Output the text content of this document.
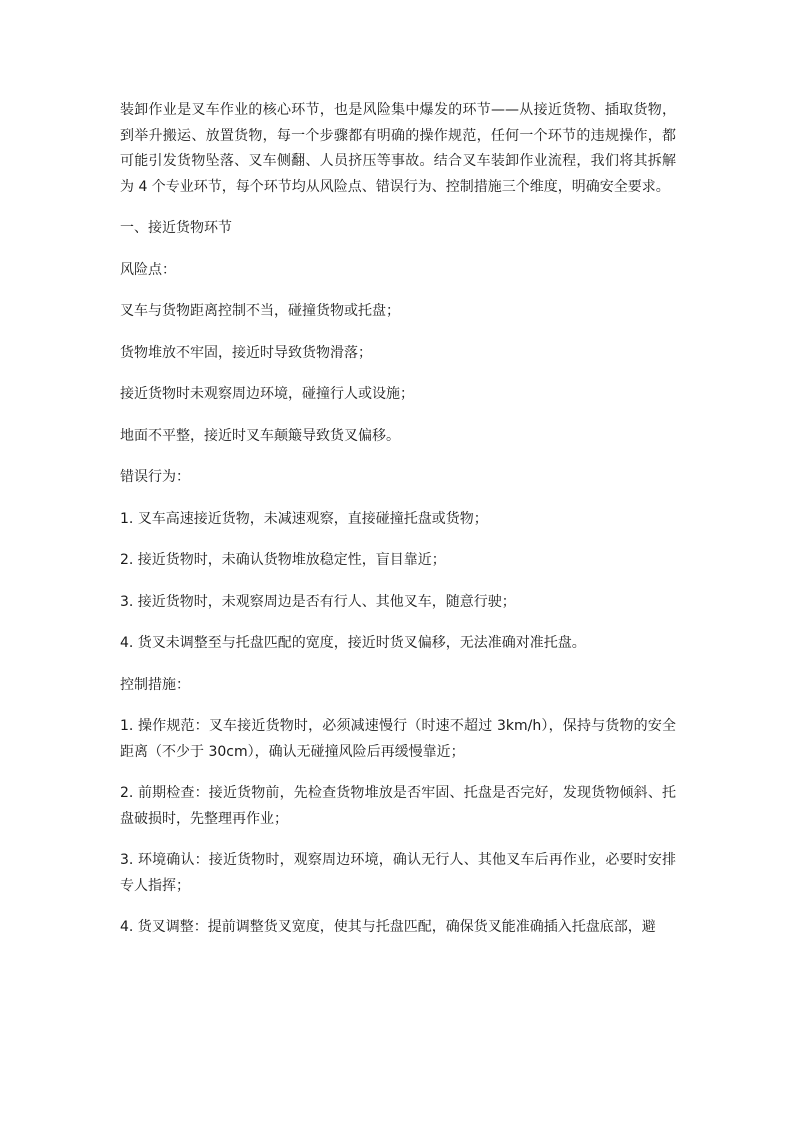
装卸作业是叉车作业的核心环节，也是风险集中爆发的环节——从接近货物、插取货物，到举升搬运、放置货物，每一个步骤都有明确的操作规范，任何一个环节的违规操作，都可能引发货物坠落、叉车侧翻、人员挤压等事故。结合叉车装卸作业流程，我们将其拆解为 4 个专业环节，每个环节均从风险点、错误行为、控制措施三个维度，明确安全要求。

一、接近货物环节

风险点：

叉车与货物距离控制不当，碰撞货物或托盘；

货物堆放不牢固，接近时导致货物滑落；

接近货物时未观察周边环境，碰撞行人或设施；

地面不平整，接近时叉车颠簸导致货叉偏移。

错误行为：

1. 叉车高速接近货物，未减速观察，直接碰撞托盘或货物；

2. 接近货物时，未确认货物堆放稳定性，盲目靠近；

3. 接近货物时，未观察周边是否有行人、其他叉车，随意行驶；

4. 货叉未调整至与托盘匹配的宽度，接近时货叉偏移，无法准确对准托盘。

控制措施：

1. 操作规范：叉车接近货物时，必须减速慢行（时速不超过 3km/h），保持与货物的安全距离（不少于 30cm），确认无碰撞风险后再缓慢靠近；

2. 前期检查：接近货物前，先检查货物堆放是否牢固、托盘是否完好，发现货物倾斜、托盘破损时，先整理再作业；

3. 环境确认：接近货物时，观察周边环境，确认无行人、其他叉车后再作业，必要时安排专人指挥；

4. 货叉调整：提前调整货叉宽度，使其与托盘匹配，确保货叉能准确插入托盘底部，避
